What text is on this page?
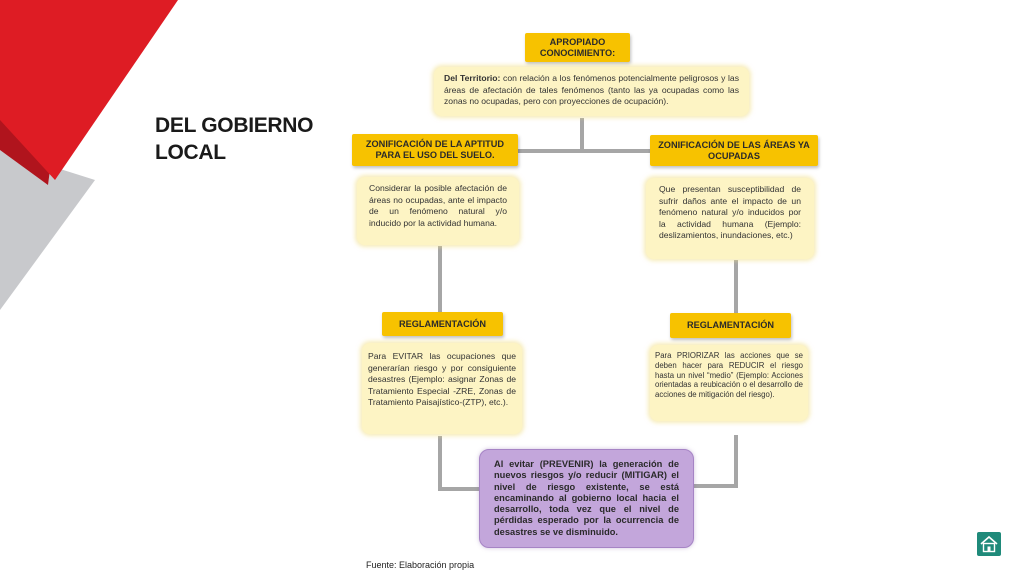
DEL GOBIERNO
LOCAL
APROPIADO CONOCIMIENTO:
Del Territorio: con relación a los fenómenos potencialmente peligrosos y las áreas de afectación de tales fenómenos (tanto las ya ocupadas como las zonas no ocupadas, pero con proyecciones de ocupación).
ZONIFICACIÓN DE LA APTITUD PARA EL USO DEL SUELO.
Considerar la posible afectación de áreas no ocupadas, ante el impacto de un fenómeno natural y/o inducido por la actividad humana.
REGLAMENTACIÓN
Para EVITAR las ocupaciones que generarían riesgo y por consiguiente desastres (Ejemplo: asignar Zonas de Tratamiento Especial -ZRE, Zonas de Tratamiento Paisajístico-(ZTP), etc.).
ZONIFICACIÓN DE LAS ÁREAS YA OCUPADAS
Que presentan susceptibilidad de sufrir daños ante el impacto de un fenómeno natural y/o inducidos por la actividad humana (Ejemplo: deslizamientos, inundaciones, etc.)
REGLAMENTACIÓN
Para PRIORIZAR las acciones que se deben hacer para REDUCIR el riesgo hasta un nivel “medio” (Ejemplo: Acciones orientadas a reubicación o el desarrollo de acciones de mitigación del riesgo).
Al evitar (PREVENIR) la generación de nuevos riesgos y/o reducir (MITIGAR) el nivel de riesgo existente, se está encaminando al gobierno local hacia el desarrollo, toda vez que el nivel de pérdidas esperado por la ocurrencia de desastres se ve disminuido.
Fuente: Elaboración propia
